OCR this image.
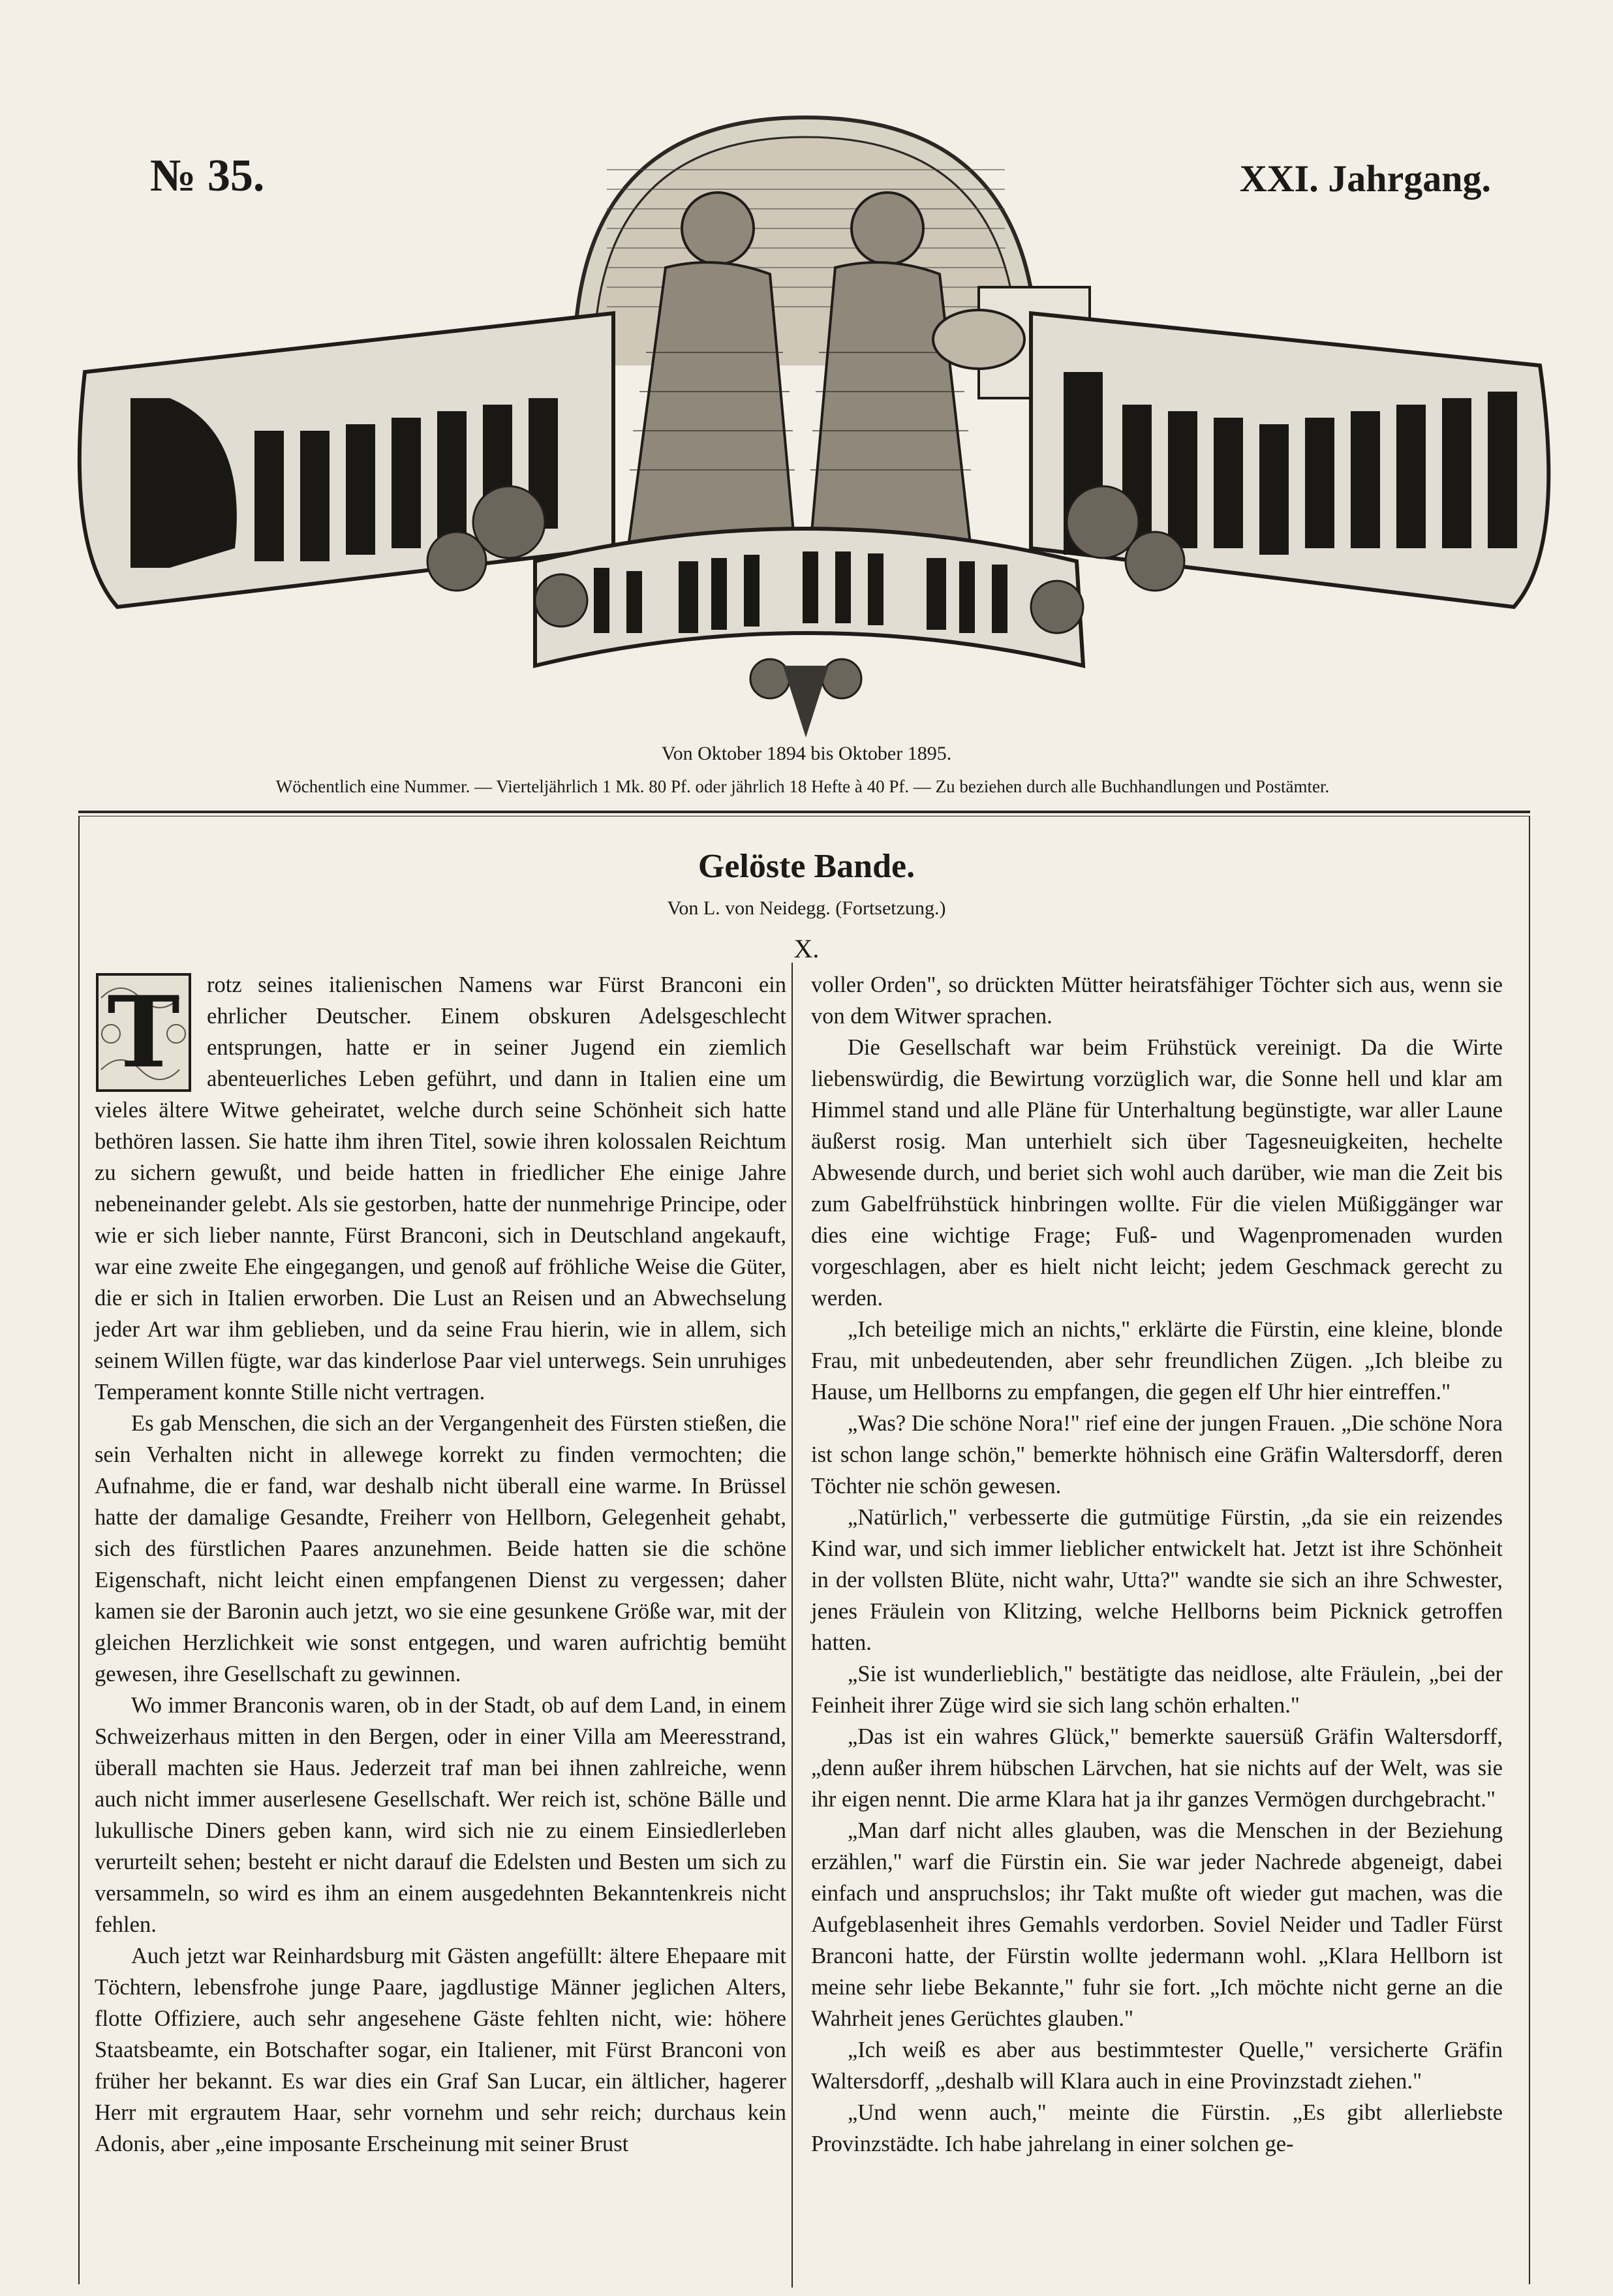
№ 35.	XXI. Jahrgang.
Von Oktober 1894 bis Oktober 1895.
Wöchentlich eine Nummer. — Vierteljährlich 1 Mk. 80 Pf. oder jährlich 18 Hefte à 40 Pf. — Zu beziehen durch alle Buchhandlungen und Postämter.
Gelöste Bande.
Von L. von Neidegg. (Fortsetzung.)
X.
T	rotz seines italienischen Namens war Fürst Branconi ein ehrlicher Deutscher. Einem obskuren Adelsgeschlecht entsprungen, hatte er in seiner Jugend ein ziemlich abenteuerliches Leben geführt, und dann in Italien eine um vieles ältere Witwe geheiratet, welche durch seine Schönheit sich hatte bethören lassen. Sie hatte ihm ihren Titel, sowie ihren kolossalen Reichtum zu sichern gewußt, und beide hatten in friedlicher Ehe einige Jahre nebeneinander gelebt. Als sie gestorben, hatte der nunmehrige Principe, oder wie er sich lieber nannte, Fürst Branconi, sich in Deutschland angekauft, war eine zweite Ehe eingegangen, und genoß auf fröhliche Weise die Güter, die er sich in Italien erworben. Die Lust an Reisen und an Abwechselung jeder Art war ihm geblieben, und da seine Frau hierin, wie in allem, sich seinem Willen fügte, war das kinderlose Paar viel unterwegs. Sein unruhiges Temperament konnte Stille nicht vertragen.

Es gab Menschen, die sich an der Vergangenheit des Fürsten stießen, die sein Verhalten nicht in allewege korrekt zu finden vermochten; die Aufnahme, die er fand, war deshalb nicht überall eine warme. In Brüssel hatte der damalige Gesandte, Freiherr von Hellborn, Gelegenheit gehabt, sich des fürstlichen Paares anzunehmen. Beide hatten sie die schöne Eigenschaft, nicht leicht einen empfangenen Dienst zu vergessen; daher kamen sie der Baronin auch jetzt, wo sie eine gesunkene Größe war, mit der gleichen Herzlichkeit wie sonst entgegen, und waren aufrichtig bemüht gewesen, ihre Gesellschaft zu gewinnen.

Wo immer Branconis waren, ob in der Stadt, ob auf dem Land, in einem Schweizerhaus mitten in den Bergen, oder in einer Villa am Meeresstrand, überall machten sie Haus. Jederzeit traf man bei ihnen zahlreiche, wenn auch nicht immer auserlesene Gesellschaft. Wer reich ist, schöne Bälle und lukullische Diners geben kann, wird sich nie zu einem Einsiedlerleben verurteilt sehen; besteht er nicht darauf die Edelsten und Besten um sich zu versammeln, so wird es ihm an einem ausgedehnten Bekanntenkreis nicht fehlen.

Auch jetzt war Reinhardsburg mit Gästen angefüllt: ältere Ehepaare mit Töchtern, lebensfrohe junge Paare, jagdlustige Männer jeglichen Alters, flotte Offiziere, auch sehr angesehene Gäste fehlten nicht, wie: höhere Staatsbeamte, ein Botschafter sogar, ein Italiener, mit Fürst Branconi von früher her bekannt. Es war dies ein Graf San Lucar, ein ältlicher, hagerer Herr mit ergrautem Haar, sehr vornehm und sehr reich; durchaus kein Adonis, aber „eine imposante Erscheinung mit seiner Brust

voller Orden", so drückten Mütter heiratsfähiger Töchter sich aus, wenn sie von dem Witwer sprachen.

Die Gesellschaft war beim Frühstück vereinigt. Da die Wirte liebenswürdig, die Bewirtung vorzüglich war, die Sonne hell und klar am Himmel stand und alle Pläne für Unterhaltung begünstigte, war aller Laune äußerst rosig. Man unterhielt sich über Tagesneuigkeiten, hechelte Abwesende durch, und beriet sich wohl auch darüber, wie man die Zeit bis zum Gabelfrühstück hinbringen wollte. Für die vielen Müßiggänger war dies eine wichtige Frage; Fuß- und Wagenpromenaden wurden vorgeschlagen, aber es hielt nicht leicht; jedem Geschmack gerecht zu werden.

„Ich beteilige mich an nichts," erklärte die Fürstin, eine kleine, blonde Frau, mit unbedeutenden, aber sehr freundlichen Zügen. „Ich bleibe zu Hause, um Hellborns zu empfangen, die gegen elf Uhr hier eintreffen."

„Was? Die schöne Nora!" rief eine der jungen Frauen. „Die schöne Nora ist schon lange schön," bemerkte höhnisch eine Gräfin Waltersdorff, deren Töchter nie schön gewesen.

„Natürlich," verbesserte die gutmütige Fürstin, „da sie ein reizendes Kind war, und sich immer lieblicher entwickelt hat. Jetzt ist ihre Schönheit in der vollsten Blüte, nicht wahr, Utta?" wandte sie sich an ihre Schwester, jenes Fräulein von Klitzing, welche Hellborns beim Picknick getroffen hatten.

„Sie ist wunderlieblich," bestätigte das neidlose, alte Fräulein, „bei der Feinheit ihrer Züge wird sie sich lang schön erhalten."

„Das ist ein wahres Glück," bemerkte sauersüß Gräfin Waltersdorff, „denn außer ihrem hübschen Lärvchen, hat sie nichts auf der Welt, was sie ihr eigen nennt. Die arme Klara hat ja ihr ganzes Vermögen durchgebracht."

„Man darf nicht alles glauben, was die Menschen in der Beziehung erzählen," warf die Fürstin ein. Sie war jeder Nachrede abgeneigt, dabei einfach und anspruchslos; ihr Takt mußte oft wieder gut machen, was die Aufgeblasenheit ihres Gemahls verdorben. Soviel Neider und Tadler Fürst Branconi hatte, der Fürstin wollte jedermann wohl. „Klara Hellborn ist meine sehr liebe Bekannte," fuhr sie fort. „Ich möchte nicht gerne an die Wahrheit jenes Gerüchtes glauben."

„Ich weiß es aber aus bestimmtester Quelle," versicherte Gräfin Waltersdorff, „deshalb will Klara auch in eine Provinzstadt ziehen."

„Und wenn auch," meinte die Fürstin. „Es gibt allerliebste Provinzstädte. Ich habe jahrelang in einer solchen ge-
